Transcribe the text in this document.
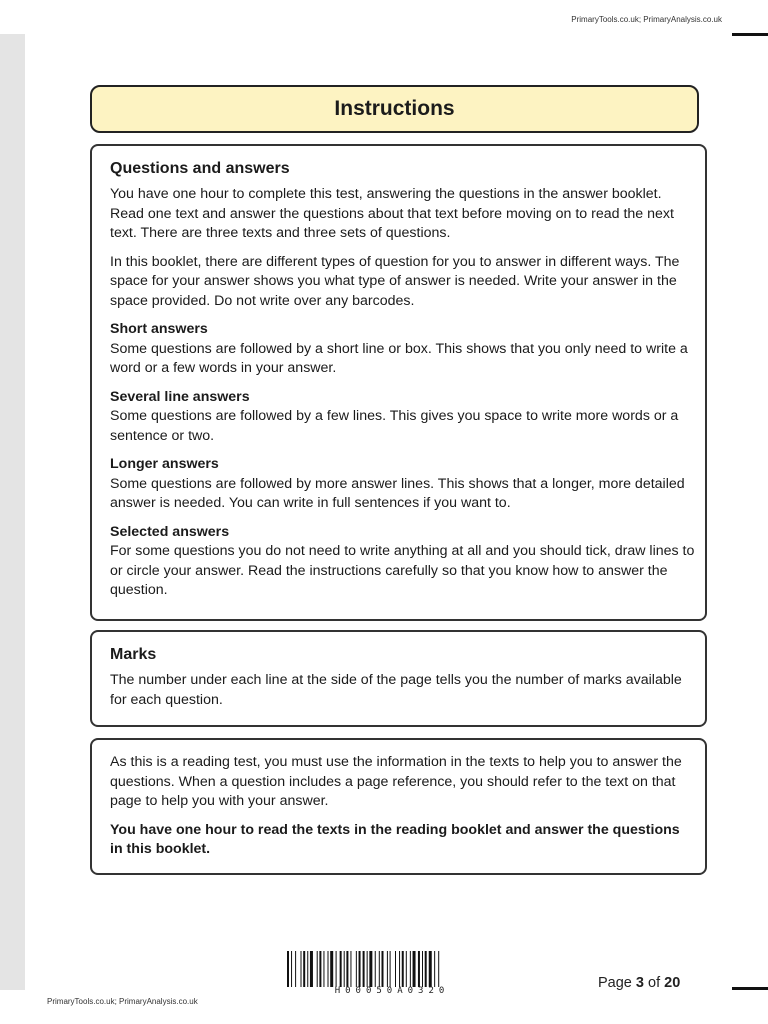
PrimaryTools.co.uk; PrimaryAnalysis.co.uk
Instructions
Questions and answers

You have one hour to complete this test, answering the questions in the answer booklet. Read one text and answer the questions about that text before moving on to read the next text. There are three texts and three sets of questions.

In this booklet, there are different types of question for you to answer in different ways. The space for your answer shows you what type of answer is needed. Write your answer in the space provided. Do not write over any barcodes.

Short answers
Some questions are followed by a short line or box. This shows that you only need to write a word or a few words in your answer.

Several line answers
Some questions are followed by a few lines. This gives you space to write more words or a sentence or two.

Longer answers
Some questions are followed by more answer lines. This shows that a longer, more detailed answer is needed. You can write in full sentences if you want to.

Selected answers
For some questions you do not need to write anything at all and you should tick, draw lines to or circle your answer. Read the instructions carefully so that you know how to answer the question.

Marks

The number under each line at the side of the page tells you the number of marks available for each question.

As this is a reading test, you must use the information in the texts to help you to answer the questions. When a question includes a page reference, you should refer to the text on that page to help you with your answer.

You have one hour to read the texts in the reading booklet and answer the questions in this booklet.

H00050A0320	Page 3 of 20
PrimaryTools.co.uk; PrimaryAnalysis.co.uk
